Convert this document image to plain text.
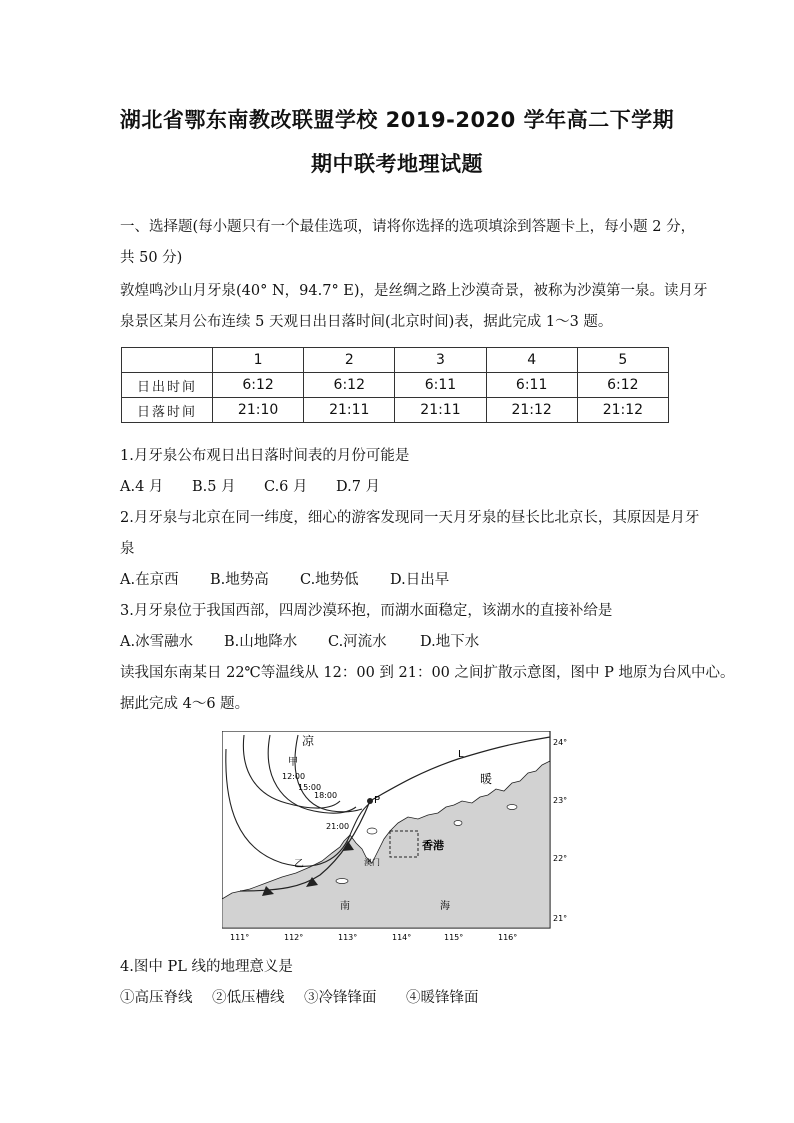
湖北省鄂东南教改联盟学校 2019-2020 学年高二下学期
期中联考地理试题
一、选择题(每小题只有一个最佳选项，请将你选择的选项填涂到答题卡上，每小题 2 分，
共 50 分)
敦煌鸣沙山月牙泉(40° N，94.7° E)，是丝绸之路上沙漠奇景，被称为沙漠第一泉。读月牙
泉景区某月公布连续 5 天观日出日落时间(北京时间)表，据此完成 1～3 题。
	1	2	3	4	5
日出时间	6:12	6:12	6:11	6:11	6:12
日落时间	21:10	21:11	21:11	21:12	21:12
1.月牙泉公布观日出日落时间表的月份可能是
A.4 月 B.5 月 C.6 月 D.7 月
2.月牙泉与北京在同一纬度，细心的游客发现同一天月牙泉的昼长比北京长，其原因是月牙
泉
A.在京西 B.地势高 C.地势低 D.日出早
3.月牙泉位于我国西部，四周沙漠环抱，而湖水面稳定，该湖水的直接补给是
A.冰雪融水 B.山地降水 C.河流水 D.地下水
读我国东南某日 22℃等温线从 12：00 到 21：00 之间扩散示意图，图中 P 地原为台风中心。
据此完成 4～6 题。
凉
暖
甲
乙
P
L
香港
澳门
南	海
12:00
15:00
18:00
21:00
111°	112°	113°	114°	115°	116°
24°
23°
22°
21°
4.图中 PL 线的地理意义是
①高压脊线 ②低压槽线 ③冷锋锋面 ④暖锋锋面
